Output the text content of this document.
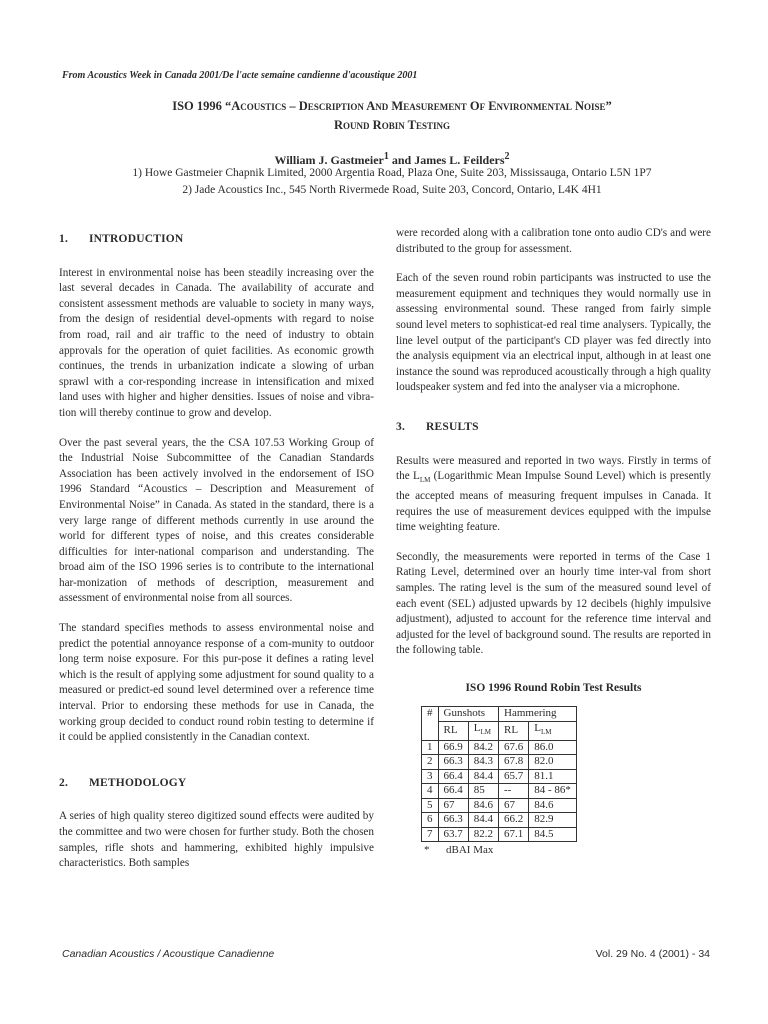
From Acoustics Week in Canada 2001/De l'acte semaine candienne d'acoustique 2001
ISO 1996 “Acoustics – Description And Measurement Of Environmental Noise”
Round Robin Testing
William J. Gastmeier$^1$ and James L. Feilders$^2$
1) Howe Gastmeier Chapnik Limited, 2000 Argentia Road, Plaza One, Suite 203, Mississauga, Ontario L5N 1P7
2) Jade Acoustics Inc., 545 North Rivermede Road, Suite 203, Concord, Ontario, L4K 4H1
1. INTRODUCTION

Interest in environmental noise has been steadily increasing over the last several decades in Canada. The availability of accurate and consistent assessment methods are valuable to society in many ways, from the design of residential devel-opments with regard to noise from road, rail and air traffic to the need of industry to obtain approvals for the operation of quiet facilities. As economic growth continues, the trends in urbanization indicate a slowing of urban sprawl with a cor-responding increase in intensification and mixed land uses with higher and higher densities. Issues of noise and vibra-tion will thereby continue to grow and develop.

Over the past several years, the the CSA 107.53 Working Group of the Industrial Noise Subcommittee of the Canadian Standards Association has been actively involved in the endorsement of ISO 1996 Standard “Acoustics – Description and Measurement of Environmental Noise” in Canada. As stated in the standard, there is a very large range of different methods currently in use around the world for different types of noise, and this creates considerable difficulties for inter-national comparison and understanding. The broad aim of the ISO 1996 series is to contribute to the international har-monization of methods of description, measurement and assessment of environmental noise from all sources.

The standard specifies methods to assess environmental noise and predict the potential annoyance response of a com-munity to outdoor long term noise exposure. For this pur-pose it defines a rating level which is the result of applying some adjustment for sound quality to a measured or predict-ed sound level determined over a reference time interval. Prior to endorsing these methods for use in Canada, the working group decided to conduct round robin testing to determine if it could be applied consistently in the Canadian context.

2. METHODOLOGY

A series of high quality stereo digitized sound effects were audited by the committee and two were chosen for further study. Both the chosen samples, rifle shots and hammering, exhibited highly impulsive characteristics. Both samples

were recorded along with a calibration tone onto audio CD's and were distributed to the group for assessment.

Each of the seven round robin participants was instructed to use the measurement equipment and techniques they would normally use in assessing environmental sound. These ranged from fairly simple sound level meters to sophisticat-ed real time analysers. Typically, the line level output of the participant's CD player was fed directly into the analysis equipment via an electrical input, although in at least one instance the sound was reproduced acoustically through a high quality loudspeaker system and fed into the analyser via a microphone.

3. RESULTS

Results were measured and reported in two ways. Firstly in terms of the $L_{LM}$ (Logarithmic Mean Impulse Sound Level) which is presently the accepted means of measuring frequent impulses in Canada. It requires the use of measurement devices equipped with the impulse time weighting feature.

Secondly, the measurements were reported in terms of the Case 1 Rating Level, determined over an hourly time inter-val from short samples. The rating level is the sum of the measured sound level of each event (SEL) adjusted upwards by 12 decibels (highly impulsive adjustment), adjusted to account for the reference time interval and adjusted for the level of background sound. The results are reported in the following table.

ISO 1996 Round Robin Test Results
#	Gunshots		Hammering	
	RL	$L_{LM}$	RL	$L_{LM}$
1	66.9	84.2	67.6	86.0
2	66.3	84.3	67.8	82.0
3	66.4	84.4	65.7	81.1
4	66.4	85	--	84 - 86*
5	67	84.6	67	84.6
6	66.3	84.4	66.2	82.9
7	63.7	82.2	67.1	84.5
* dBAI Max
Canadian Acoustics / Acoustique Canadienne	Vol. 29 No. 4 (2001) - 34
